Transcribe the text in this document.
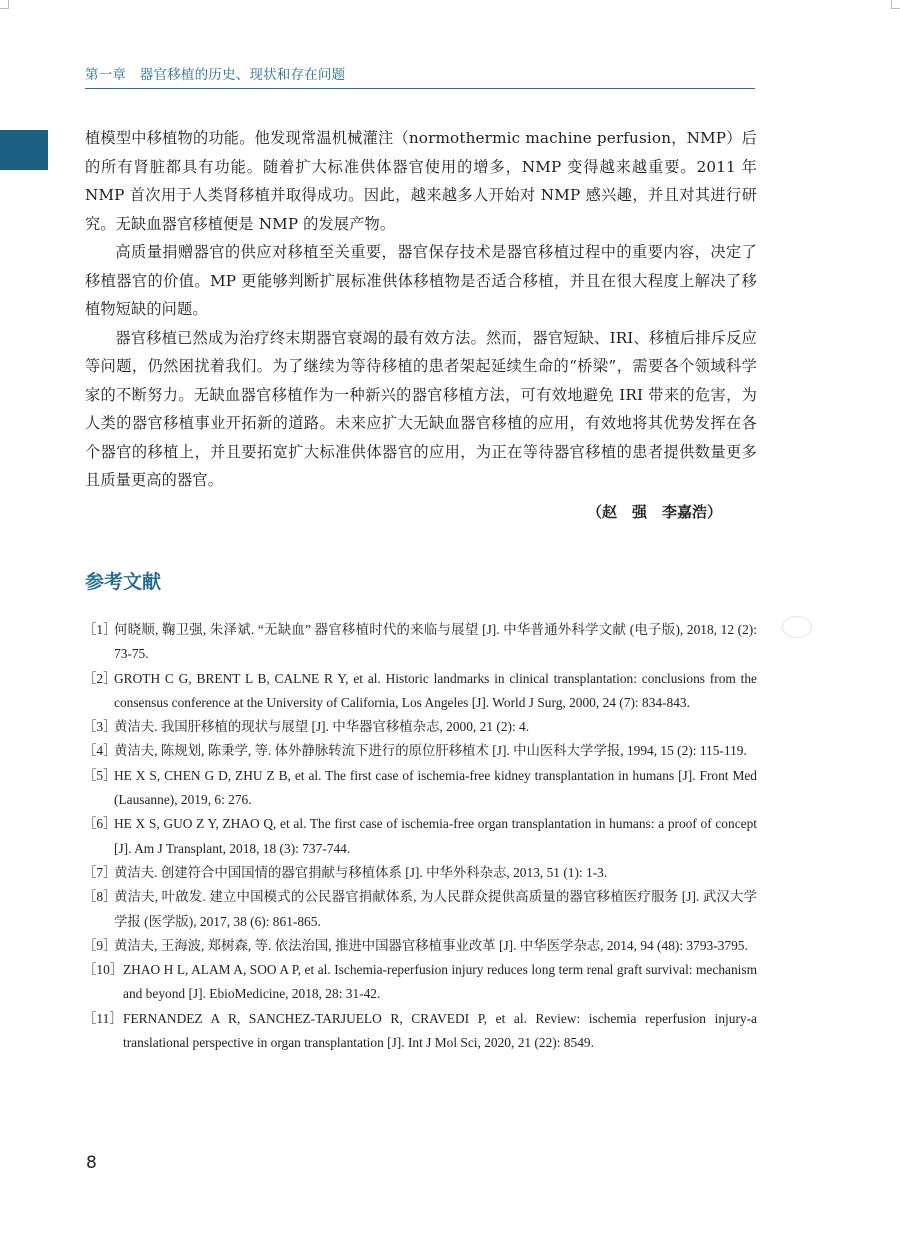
第一章　器官移植的历史、现状和存在问题

植模型中移植物的功能。他发现常温机械灌注（normothermic machine perfusion，NMP）后的所有肾脏都具有功能。随着扩大标准供体器官使用的增多，NMP 变得越来越重要。2011 年 NMP 首次用于人类肾移植并取得成功。因此，越来越多人开始对 NMP 感兴趣，并且对其进行研究。无缺血器官移植便是 NMP 的发展产物。

高质量捐赠器官的供应对移植至关重要，器官保存技术是器官移植过程中的重要内容，决定了移植器官的价值。MP 更能够判断扩展标准供体移植物是否适合移植，并且在很大程度上解决了移植物短缺的问题。

器官移植已然成为治疗终末期器官衰竭的最有效方法。然而，器官短缺、IRI、移植后排斥反应等问题，仍然困扰着我们。为了继续为等待移植的患者架起延续生命的“桥梁”，需要各个领域科学家的不断努力。无缺血器官移植作为一种新兴的器官移植方法，可有效地避免 IRI 带来的危害，为人类的器官移植事业开拓新的道路。未来应扩大无缺血器官移植的应用，有效地将其优势发挥在各个器官的移植上，并且要拓宽扩大标准供体器官的应用，为正在等待器官移植的患者提供数量更多且质量更高的器官。

（赵　强　李嘉浩）
参考文献
［1］
何晓顺, 鞠卫强, 朱泽斌. “无缺血” 器官移植时代的来临与展望 [J]. 中华普通外科学文献 (电子版), 2018, 12 (2): 73-75.
［2］
GROTH C G, BRENT L B, CALNE R Y, et al. Historic landmarks in clinical transplantation: conclusions from the consensus conference at the University of California, Los Angeles [J]. World J Surg, 2000, 24 (7): 834-843.
［3］
黄洁夫. 我国肝移植的现状与展望 [J]. 中华器官移植杂志, 2000, 21 (2): 4.
［4］
黄洁夫, 陈规划, 陈秉学, 等. 体外静脉转流下进行的原位肝移植术 [J]. 中山医科大学学报, 1994, 15 (2): 115-119.
［5］
HE X S, CHEN G D, ZHU Z B, et al. The first case of ischemia-free kidney transplantation in humans [J]. Front Med (Lausanne), 2019, 6: 276.
［6］
HE X S, GUO Z Y, ZHAO Q, et al. The first case of ischemia-free organ transplantation in humans: a proof of concept [J]. Am J Transplant, 2018, 18 (3): 737-744.
［7］
黄洁夫. 创建符合中国国情的器官捐献与移植体系 [J]. 中华外科杂志, 2013, 51 (1): 1-3.
［8］
黄洁夫, 叶啟发. 建立中国模式的公民器官捐献体系, 为人民群众提供高质量的器官移植医疗服务 [J]. 武汉大学学报 (医学版), 2017, 38 (6): 861-865.
［9］
黄洁夫, 王海波, 郑树森, 等. 依法治国, 推进中国器官移植事业改革 [J]. 中华医学杂志, 2014, 94 (48): 3793-3795.
［10］ ZHAO H L, ALAM A, SOO A P, et al. Ischemia-reperfusion injury reduces long term renal graft survival: mechanism and beyond [J]. EbioMedicine, 2018, 28: 31-42.
［11］ FERNANDEZ A R, SANCHEZ-TARJUELO R, CRAVEDI P, et al. Review: ischemia reperfusion injury-a translational perspective in organ transplantation [J]. Int J Mol Sci, 2020, 21 (22): 8549.
8
